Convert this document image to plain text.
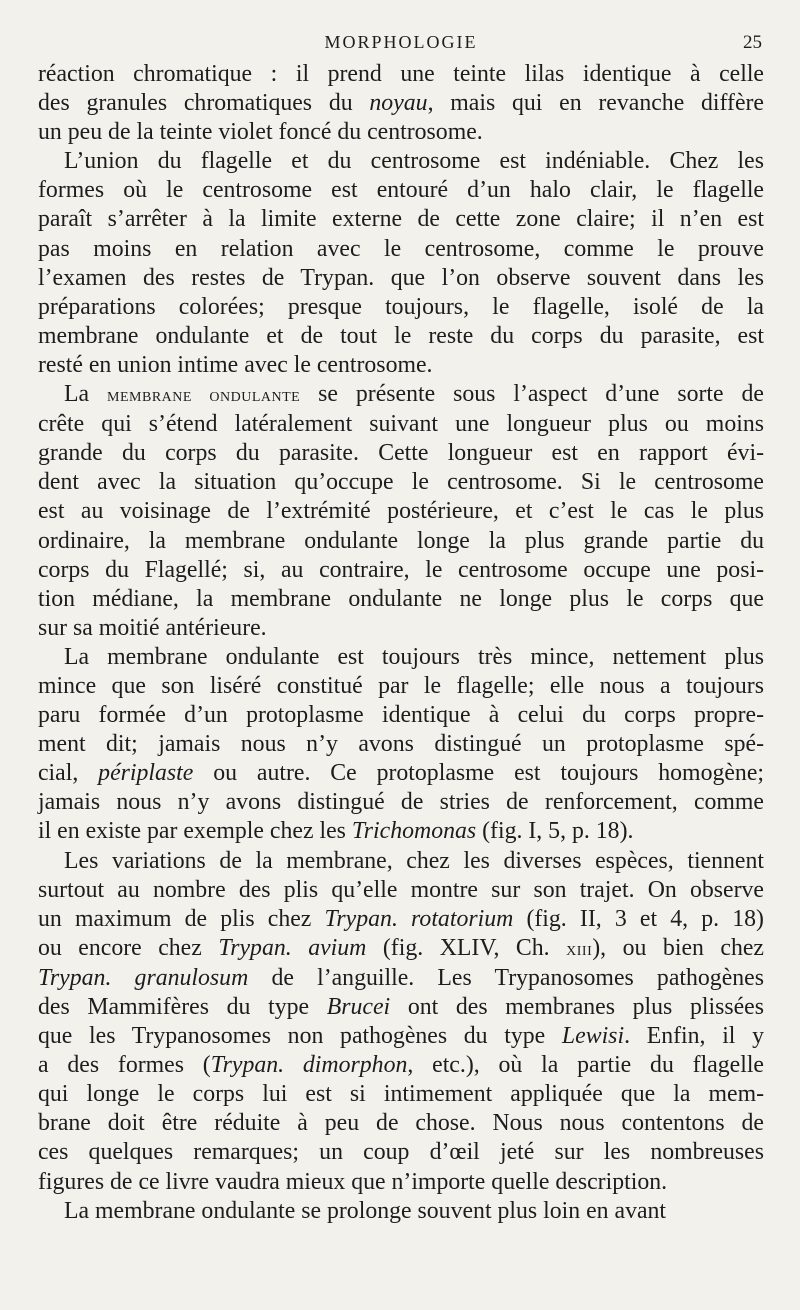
MORPHOLOGIE	25

réaction chromatique : il prend une teinte lilas identique à celle
des granules chromatiques du noyau, mais qui en revanche diffère
un peu de la teinte violet foncé du centrosome.

L’union du flagelle et du centrosome est indéniable. Chez les
formes où le centrosome est entouré d’un halo clair, le flagelle
paraît s’arrêter à la limite externe de cette zone claire; il n’en est
pas moins en relation avec le centrosome, comme le prouve
l’examen des restes de Trypan. que l’on observe souvent dans les
préparations colorées; presque toujours, le flagelle, isolé de la
membrane ondulante et de tout le reste du corps du parasite, est
resté en union intime avec le centrosome.

La membrane ondulante se présente sous l’aspect d’une sorte de
crête qui s’étend latéralement suivant une longueur plus ou moins
grande du corps du parasite. Cette longueur est en rapport évi-
dent avec la situation qu’occupe le centrosome. Si le centrosome
est au voisinage de l’extrémité postérieure, et c’est le cas le plus
ordinaire, la membrane ondulante longe la plus grande partie du
corps du Flagellé; si, au contraire, le centrosome occupe une posi-
tion médiane, la membrane ondulante ne longe plus le corps que
sur sa moitié antérieure.

La membrane ondulante est toujours très mince, nettement plus
mince que son liséré constitué par le flagelle; elle nous a toujours
paru formée d’un protoplasme identique à celui du corps propre-
ment dit; jamais nous n’y avons distingué un protoplasme spé-
cial, périplaste ou autre. Ce protoplasme est toujours homogène;
jamais nous n’y avons distingué de stries de renforcement, comme
il en existe par exemple chez les Trichomonas (fig. I, 5, p. 18).

Les variations de la membrane, chez les diverses espèces, tiennent
surtout au nombre des plis qu’elle montre sur son trajet. On observe
un maximum de plis chez Trypan. rotatorium (fig. II, 3 et 4, p. 18)
ou encore chez Trypan. avium (fig. XLIV, Ch. xiii), ou bien chez
Trypan. granulosum de l’anguille. Les Trypanosomes pathogènes
des Mammifères du type Brucei ont des membranes plus plissées
que les Trypanosomes non pathogènes du type Lewisi. Enfin, il y
a des formes (Trypan. dimorphon, etc.), où la partie du flagelle
qui longe le corps lui est si intimement appliquée que la mem-
brane doit être réduite à peu de chose. Nous nous contentons de
ces quelques remarques; un coup d’œil jeté sur les nombreuses
figures de ce livre vaudra mieux que n’importe quelle description.

La membrane ondulante se prolonge souvent plus loin en avant
